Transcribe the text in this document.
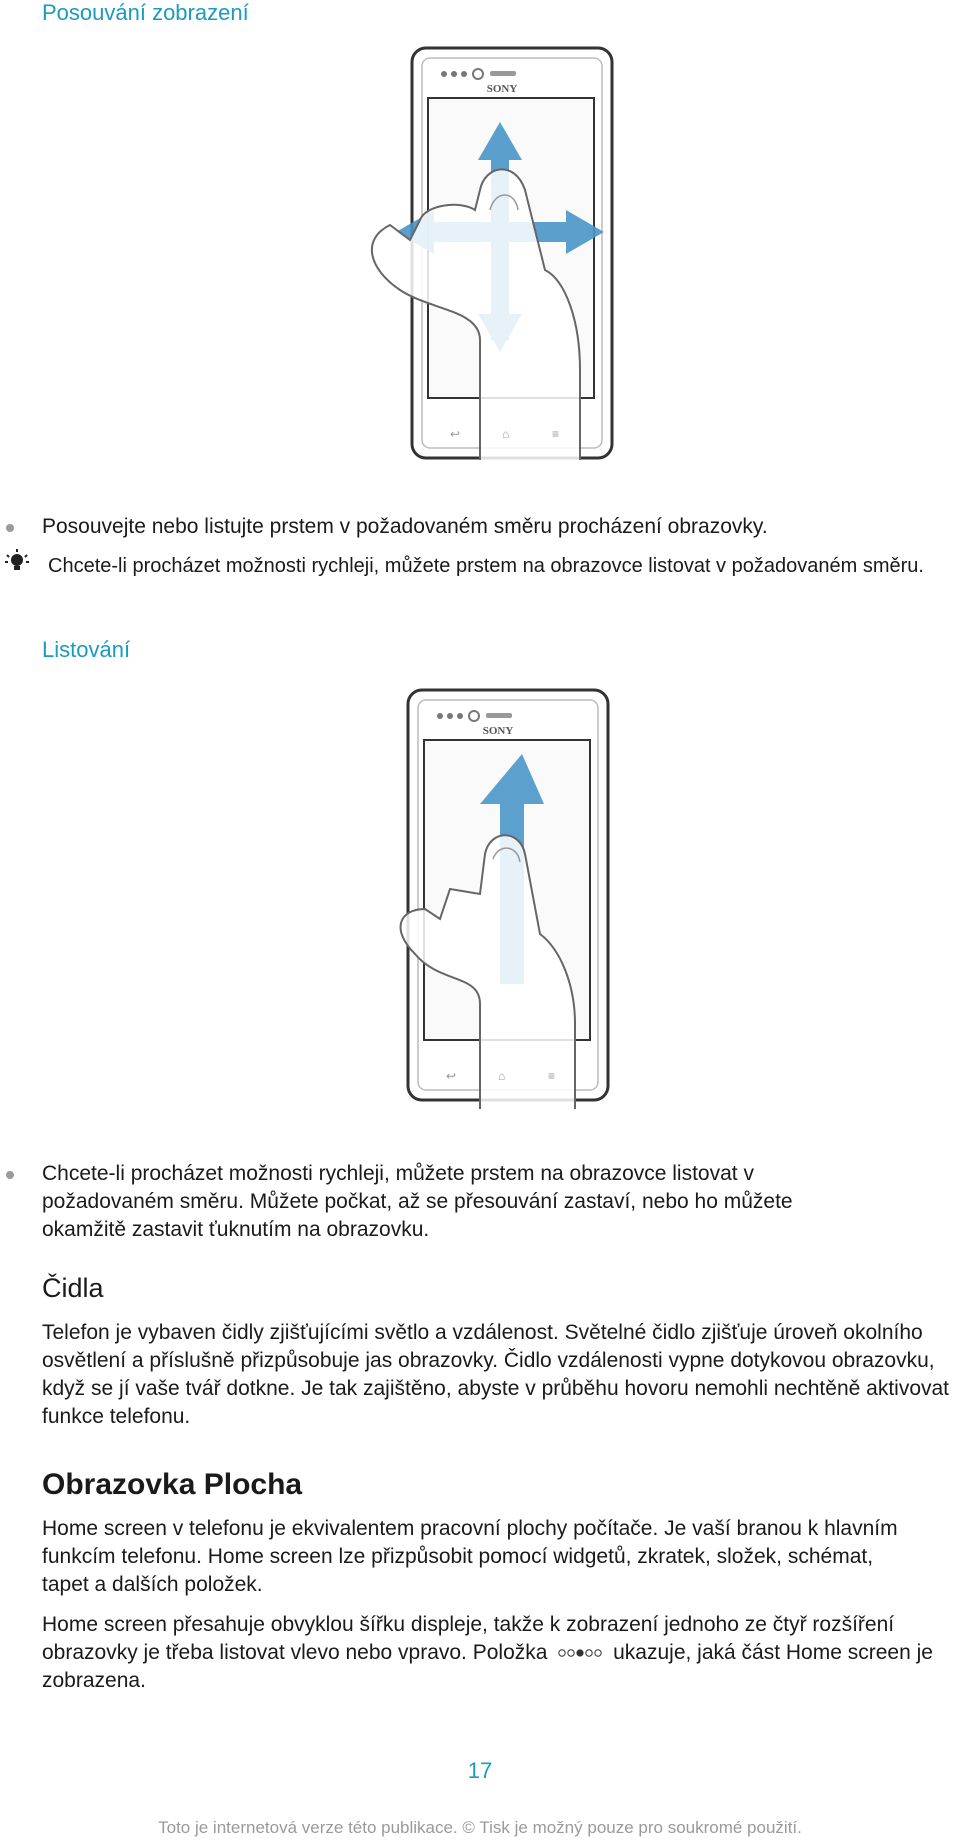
Posouvání zobrazení
SONY
↩	⌂	≡
Posouvejte nebo listujte prstem v požadovaném směru procházení obrazovky.
Chcete-li procházet možnosti rychleji, můžete prstem na obrazovce listovat v požadovaném směru.
Listování
SONY
↩	⌂	≡
Chcete-li procházet možnosti rychleji, můžete prstem na obrazovce listovat v požadovaném směru. Můžete počkat, až se přesouvání zastaví, nebo ho můžete okamžitě zastavit ťuknutím na obrazovku.
Čidla
Telefon je vybaven čidly zjišťujícími světlo a vzdálenost. Světelné čidlo zjišťuje úroveň okolního osvětlení a příslušně přizpůsobuje jas obrazovky. Čidlo vzdálenosti vypne dotykovou obrazovku, když se jí vaše tvář dotkne. Je tak zajištěno, abyste v průběhu hovoru nemohli nechtěně aktivovat funkce telefonu.
Obrazovka Plocha
Home screen v telefonu je ekvivalentem pracovní plochy počítače. Je vaší branou k hlavním funkcím telefonu. Home screen lze přizpůsobit pomocí widgetů, zkratek, složek, schémat, tapet a dalších položek.
Home screen přesahuje obvyklou šířku displeje, takže k zobrazení jednoho ze čtyř rozšíření obrazovky je třeba listovat vlevo nebo vpravo. Položka	ukazuje, jaká část Home screen je zobrazena.
17
Toto je internetová verze této publikace. © Tisk je možný pouze pro soukromé použití.
